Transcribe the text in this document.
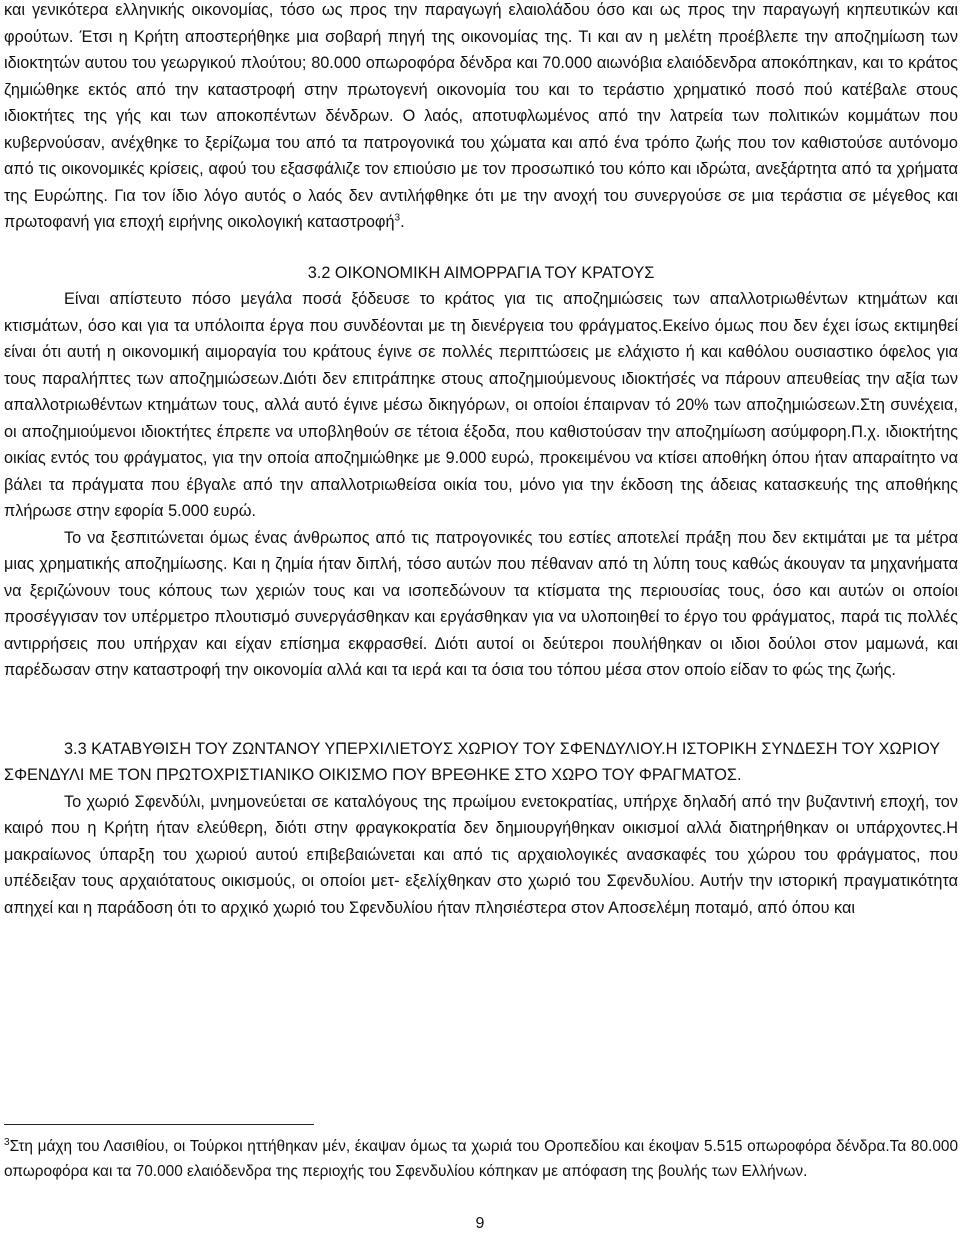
και γενικότερα ελληνικής οικονομίας, τόσο ως προς την παραγωγή ελαιολάδου όσο και ως προς την παραγωγή κηπευτικών και φρούτων. Έτσι η Κρήτη αποστερήθηκε μια σοβαρή πηγή της οικονομίας της. Τι και αν η μελέτη προέβλεπε την αποζημίωση των ιδιοκτητών αυτου του γεωργικού πλούτου; 80.000 οπωροφόρα δένδρα και 70.000 αιωνόβια ελαιόδενδρα αποκόπηκαν, και το κράτος ζημιώθηκε εκτός από την καταστροφή στην πρωτογενή οικονομία του και το τεράστιο χρηματικό ποσό πού κατέβαλε στους ιδιοκτήτες της γής και των αποκοπέντων δένδρων. Ο λαός, αποτυφλωμένος από την λατρεία των πολιτικών κομμάτων που κυβερνούσαν, ανέχθηκε το ξερίζωμα του από τα πατρογονικά του χώματα και από ένα τρόπο ζωής που τον καθιστούσε αυτόνομο από τις οικονομικές κρίσεις, αφού του εξασφάλιζε τον επιούσιο με τον προσωπικό του κόπο και ιδρώτα, ανεξάρτητα από τα χρήματα της Ευρώπης. Για τον ίδιο λόγο αυτός ο λαός δεν αντιλήφθηκε ότι με την ανοχή του συνεργούσε σε μια τεράστια σε μέγεθος και πρωτοφανή για εποχή ειρήνης οικολογική καταστροφή$^3$.

3.2 ΟΙΚΟΝΟΜΙΚΗ ΑΙΜΟΡΡΑΓΙΑ ΤΟΥ ΚΡΑΤΟΥΣ

Είναι απίστευτο πόσο μεγάλα ποσά ξόδευσε το κράτος για τις αποζημιώσεις των απαλλοτριωθέντων κτημάτων και κτισμάτων, όσο και για τα υπόλοιπα έργα που συνδέονται με τη διενέργεια του φράγματος.Εκείνο όμως που δεν έχει ίσως εκτιμηθεί είναι ότι αυτή η οικονομική αιμοραγία του κράτους έγινε σε πολλές περιπτώσεις με ελάχιστο ή και καθόλου ουσιαστικο όφελος για τους παραλήπτες των αποζημιώσεων.Διότι δεν επιτράπηκε στους αποζημιούμενους ιδιοκτήσές να πάρουν απευθείας την αξία των απαλλοτριωθέντων κτημάτων τους, αλλά αυτό έγινε μέσω δικηγόρων, οι οποίοι έπαιρναν τό 20% των αποζημιώσεων.Στη συνέχεια, οι αποζημιούμενοι ιδιοκτήτες έπρεπε να υποβληθούν σε τέτοια έξοδα, που καθιστούσαν την αποζημίωση ασύμφορη.Π.χ. ιδιοκτήτης οικίας εντός του φράγματος, για την οποία αποζημιώθηκε με 9.000 ευρώ, προκειμένου να κτίσει αποθήκη όπου ήταν απαραίτητο να βάλει τα πράγματα που έβγαλε από την απαλλοτριωθείσα οικία του, μόνο για την έκδοση της άδειας κατασκευής της αποθήκης πλήρωσε στην εφορία 5.000 ευρώ.

Το να ξεσπιτώνεται όμως ένας άνθρωπος από τις πατρογονικές του εστίες αποτελεί πράξη που δεν εκτιμάται με τα μέτρα μιας χρηματικής αποζημίωσης. Και η ζημία ήταν διπλή, τόσο αυτών που πέθαναν από τη λύπη τους καθώς άκουγαν τα μηχανήματα να ξεριζώνουν τους κόπους των χεριών τους και να ισοπεδώνουν τα κτίσματα της περιουσίας τους, όσο και αυτών οι οποίοι προσέγγισαν τον υπέρμετρο πλουτισμό συνεργάσθηκαν και εργάσθηκαν για να υλοποιηθεί το έργο του φράγματος, παρά τις πολλές αντιρρήσεις που υπήρχαν και είχαν επίσημα εκφρασθεί. Διότι αυτοί οι δεύτεροι πουλήθηκαν οι ιδιοι δούλοι στον μαμωνά, και παρέδωσαν στην καταστροφή την οικονομία αλλά και τα ιερά και τα όσια του τόπου μέσα στον οποίο είδαν το φώς της ζωής.

3.3 ΚΑΤΑΒΥΘΙΣΗ ΤΟΥ ΖΩΝΤΑΝΟΥ ΥΠΕΡΧΙΛΙΕΤΟΥΣ ΧΩΡΙΟΥ ΤΟΥ ΣΦΕΝΔΥΛΙΟΥ.Η ΙΣΤΟΡΙΚΗ ΣΥΝΔΕΣΗ ΤΟΥ ΧΩΡΙΟΥ ΣΦΕΝΔΥΛΙ ΜΕ ΤΟΝ ΠΡΩΤΟΧΡΙΣΤΙΑΝΙΚΟ ΟΙΚΙΣΜΟ ΠΟΥ ΒΡΕΘΗΚΕ ΣΤΟ ΧΩΡΟ ΤΟΥ ΦΡΑΓΜΑΤΟΣ.

Το χωριό Σφενδύλι, μνημονεύεται σε καταλόγους της πρωίμου ενετοκρατίας, υπήρχε δηλαδή από την βυζαντινή εποχή, τον καιρό που η Κρήτη ήταν ελεύθερη, διότι στην φραγκοκρατία δεν δημιουργήθηκαν οικισμοί αλλά διατηρήθηκαν οι υπάρχοντες.Η μακραίωνος ύπαρξη του χωριού αυτού επιβεβαιώνεται και από τις αρχαιολογικές ανασκαφές του χώρου του φράγματος, που υπέδειξαν τους αρχαιότατους οικισμούς, οι οποίοι μετ- εξελίχθηκαν στο χωριό του Σφενδυλίου. Αυτήν την ιστορική πραγματικότητα απηχεί και η παράδοση ότι το αρχικό χωριό του Σφενδυλίου ήταν πλησιέστερα στον Αποσελέμη ποταμό, από όπου και

$^3$Στη μάχη του Λασιθίου, οι Τούρκοι ηττήθηκαν μέν, έκαψαν όμως τα χωριά του Οροπεδίου και έκοψαν 5.515 οπωροφόρα δένδρα.Τα 80.000 οπωροφόρα και τα 70.000 ελαιόδενδρα της περιοχής του Σφενδυλίου κόπηκαν με απόφαση της βουλής των Ελλήνων.

9
